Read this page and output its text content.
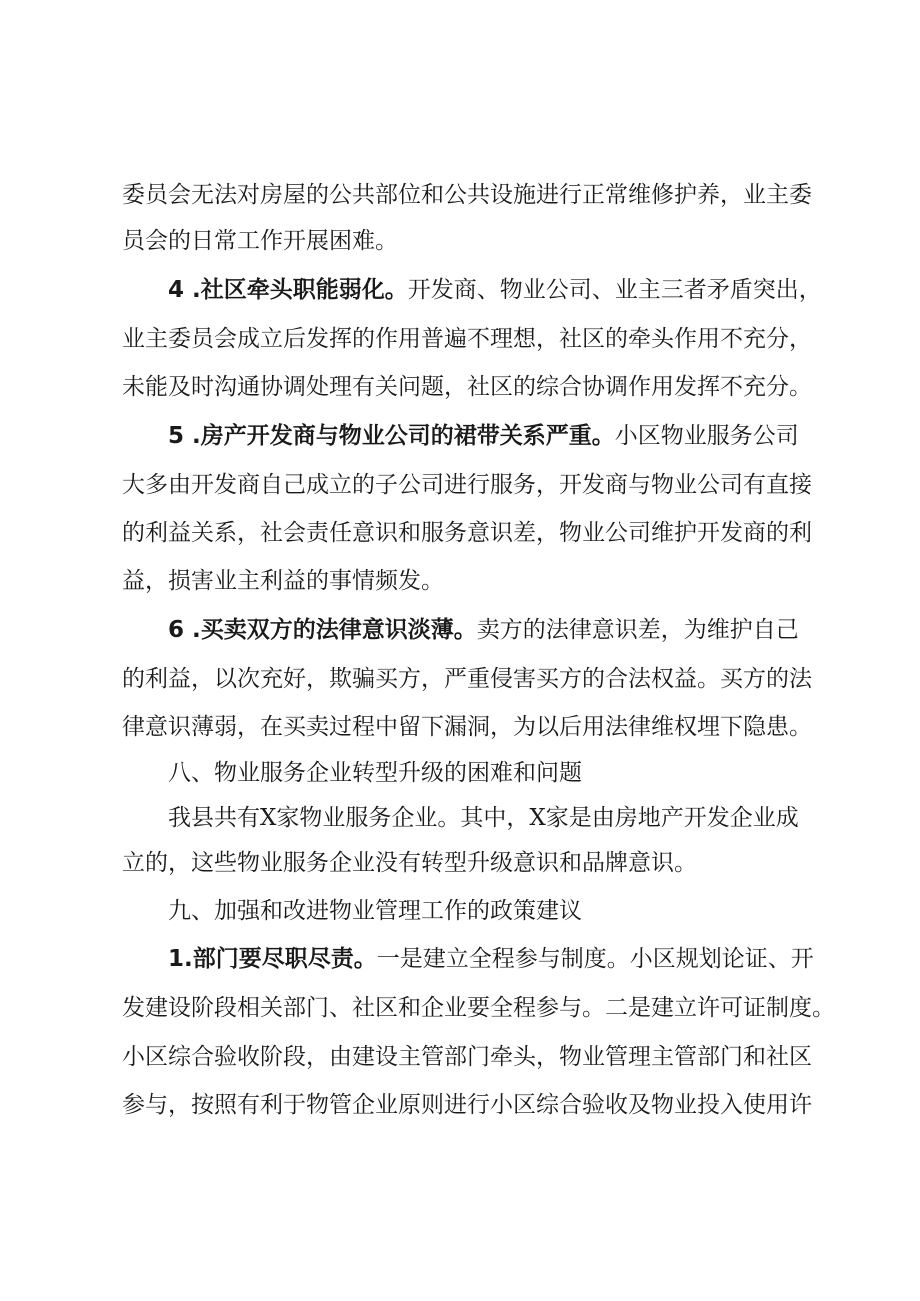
委员会无法对房屋的公共部位和公共设施进行正常维修护养，业主委
员会的日常工作开展困难。
4 .社区牵头职能弱化。开发商、物业公司、业主三者矛盾突出，
业主委员会成立后发挥的作用普遍不理想，社区的牵头作用不充分，
未能及时沟通协调处理有关问题，社区的综合协调作用发挥不充分。
5 .房产开发商与物业公司的裙带关系严重。小区物业服务公司
大多由开发商自己成立的子公司进行服务，开发商与物业公司有直接
的利益关系，社会责任意识和服务意识差，物业公司维护开发商的利
益，损害业主利益的事情频发。
6 .买卖双方的法律意识淡薄。卖方的法律意识差，为维护自己
的利益，以次充好，欺骗买方，严重侵害买方的合法权益。买方的法
律意识薄弱，在买卖过程中留下漏洞，为以后用法律维权埋下隐患。
八、物业服务企业转型升级的困难和问题
我县共有X家物业服务企业。其中，X家是由房地产开发企业成
立的，这些物业服务企业没有转型升级意识和品牌意识。
九、加强和改进物业管理工作的政策建议
1.部门要尽职尽责。一是建立全程参与制度。小区规划论证、开
发建设阶段相关部门、社区和企业要全程参与。二是建立许可证制度。
小区综合验收阶段，由建设主管部门牵头，物业管理主管部门和社区
参与，按照有利于物管企业原则进行小区综合验收及物业投入使用许
